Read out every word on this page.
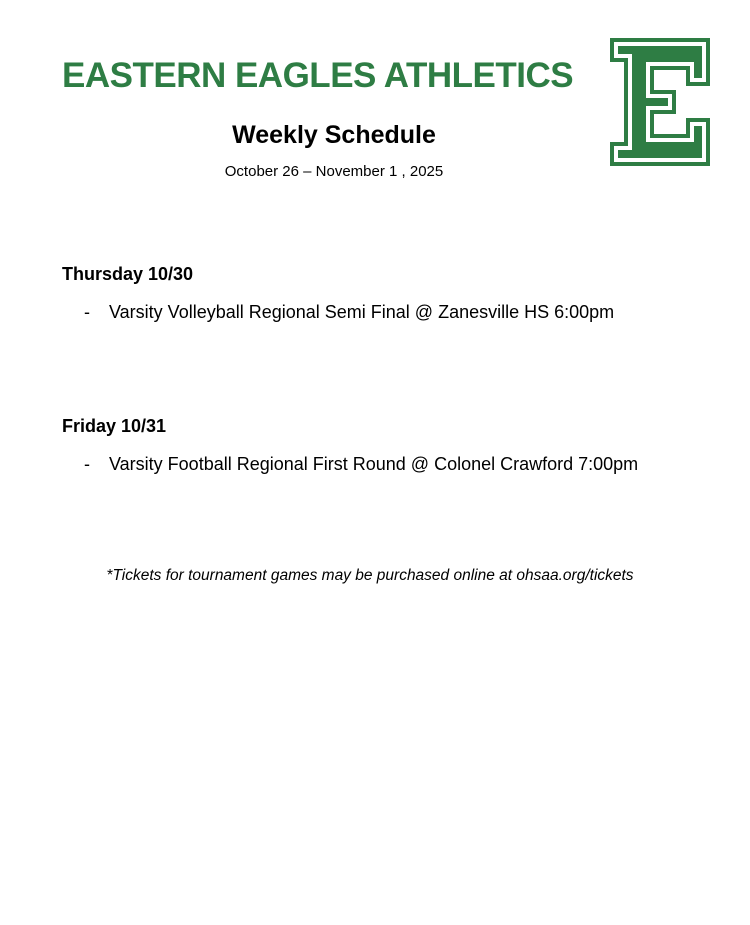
EASTERN EAGLES ATHLETICS
Weekly Schedule

October 26 – November 1 , 2025

Thursday 10/30

- Varsity Volleyball Regional Semi Final @ Zanesville HS 6:00pm

Friday 10/31

- Varsity Football Regional First Round @ Colonel Crawford 7:00pm

*Tickets for tournament games may be purchased online at ohsaa.org/tickets
